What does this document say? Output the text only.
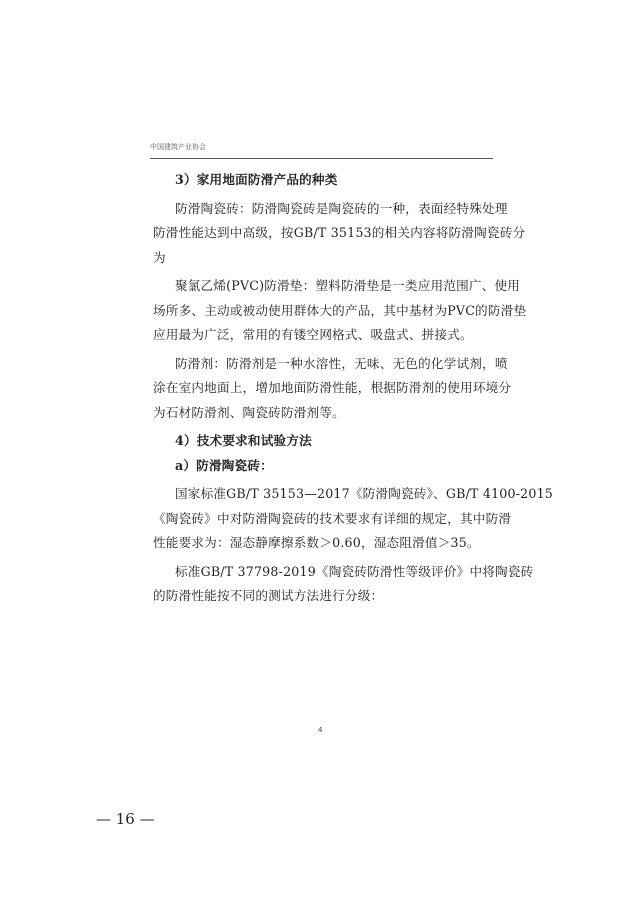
中国建筑产业协会
3）家用地面防滑产品的种类
防滑陶瓷砖：防滑陶瓷砖是陶瓷砖的一种，表面经特殊处理
防滑性能达到中高级，按GB/T 35153的相关内容将防滑陶瓷砖分
为
聚氯乙烯(PVC)防滑垫：塑料防滑垫是一类应用范围广、使用
场所多、主动或被动使用群体大的产品，其中基材为PVC的防滑垫
应用最为广泛，常用的有镂空网格式、吸盘式、拼接式。
防滑剂：防滑剂是一种水溶性，无味、无色的化学试剂，喷
涂在室内地面上，增加地面防滑性能，根据防滑剂的使用环境分
为石材防滑剂、陶瓷砖防滑剂等。
4）技术要求和试验方法
a）防滑陶瓷砖：
国家标准GB/T 35153—2017《防滑陶瓷砖》、GB/T 4100-2015
《陶瓷砖》中对防滑陶瓷砖的技术要求有详细的规定，其中防滑
性能要求为：湿态静摩擦系数＞0.60，湿态阻滑值＞35。
标准GB/T 37798-2019《陶瓷砖防滑性等级评价》中将陶瓷砖
的防滑性能按不同的测试方法进行分级：
4
— 16 —
